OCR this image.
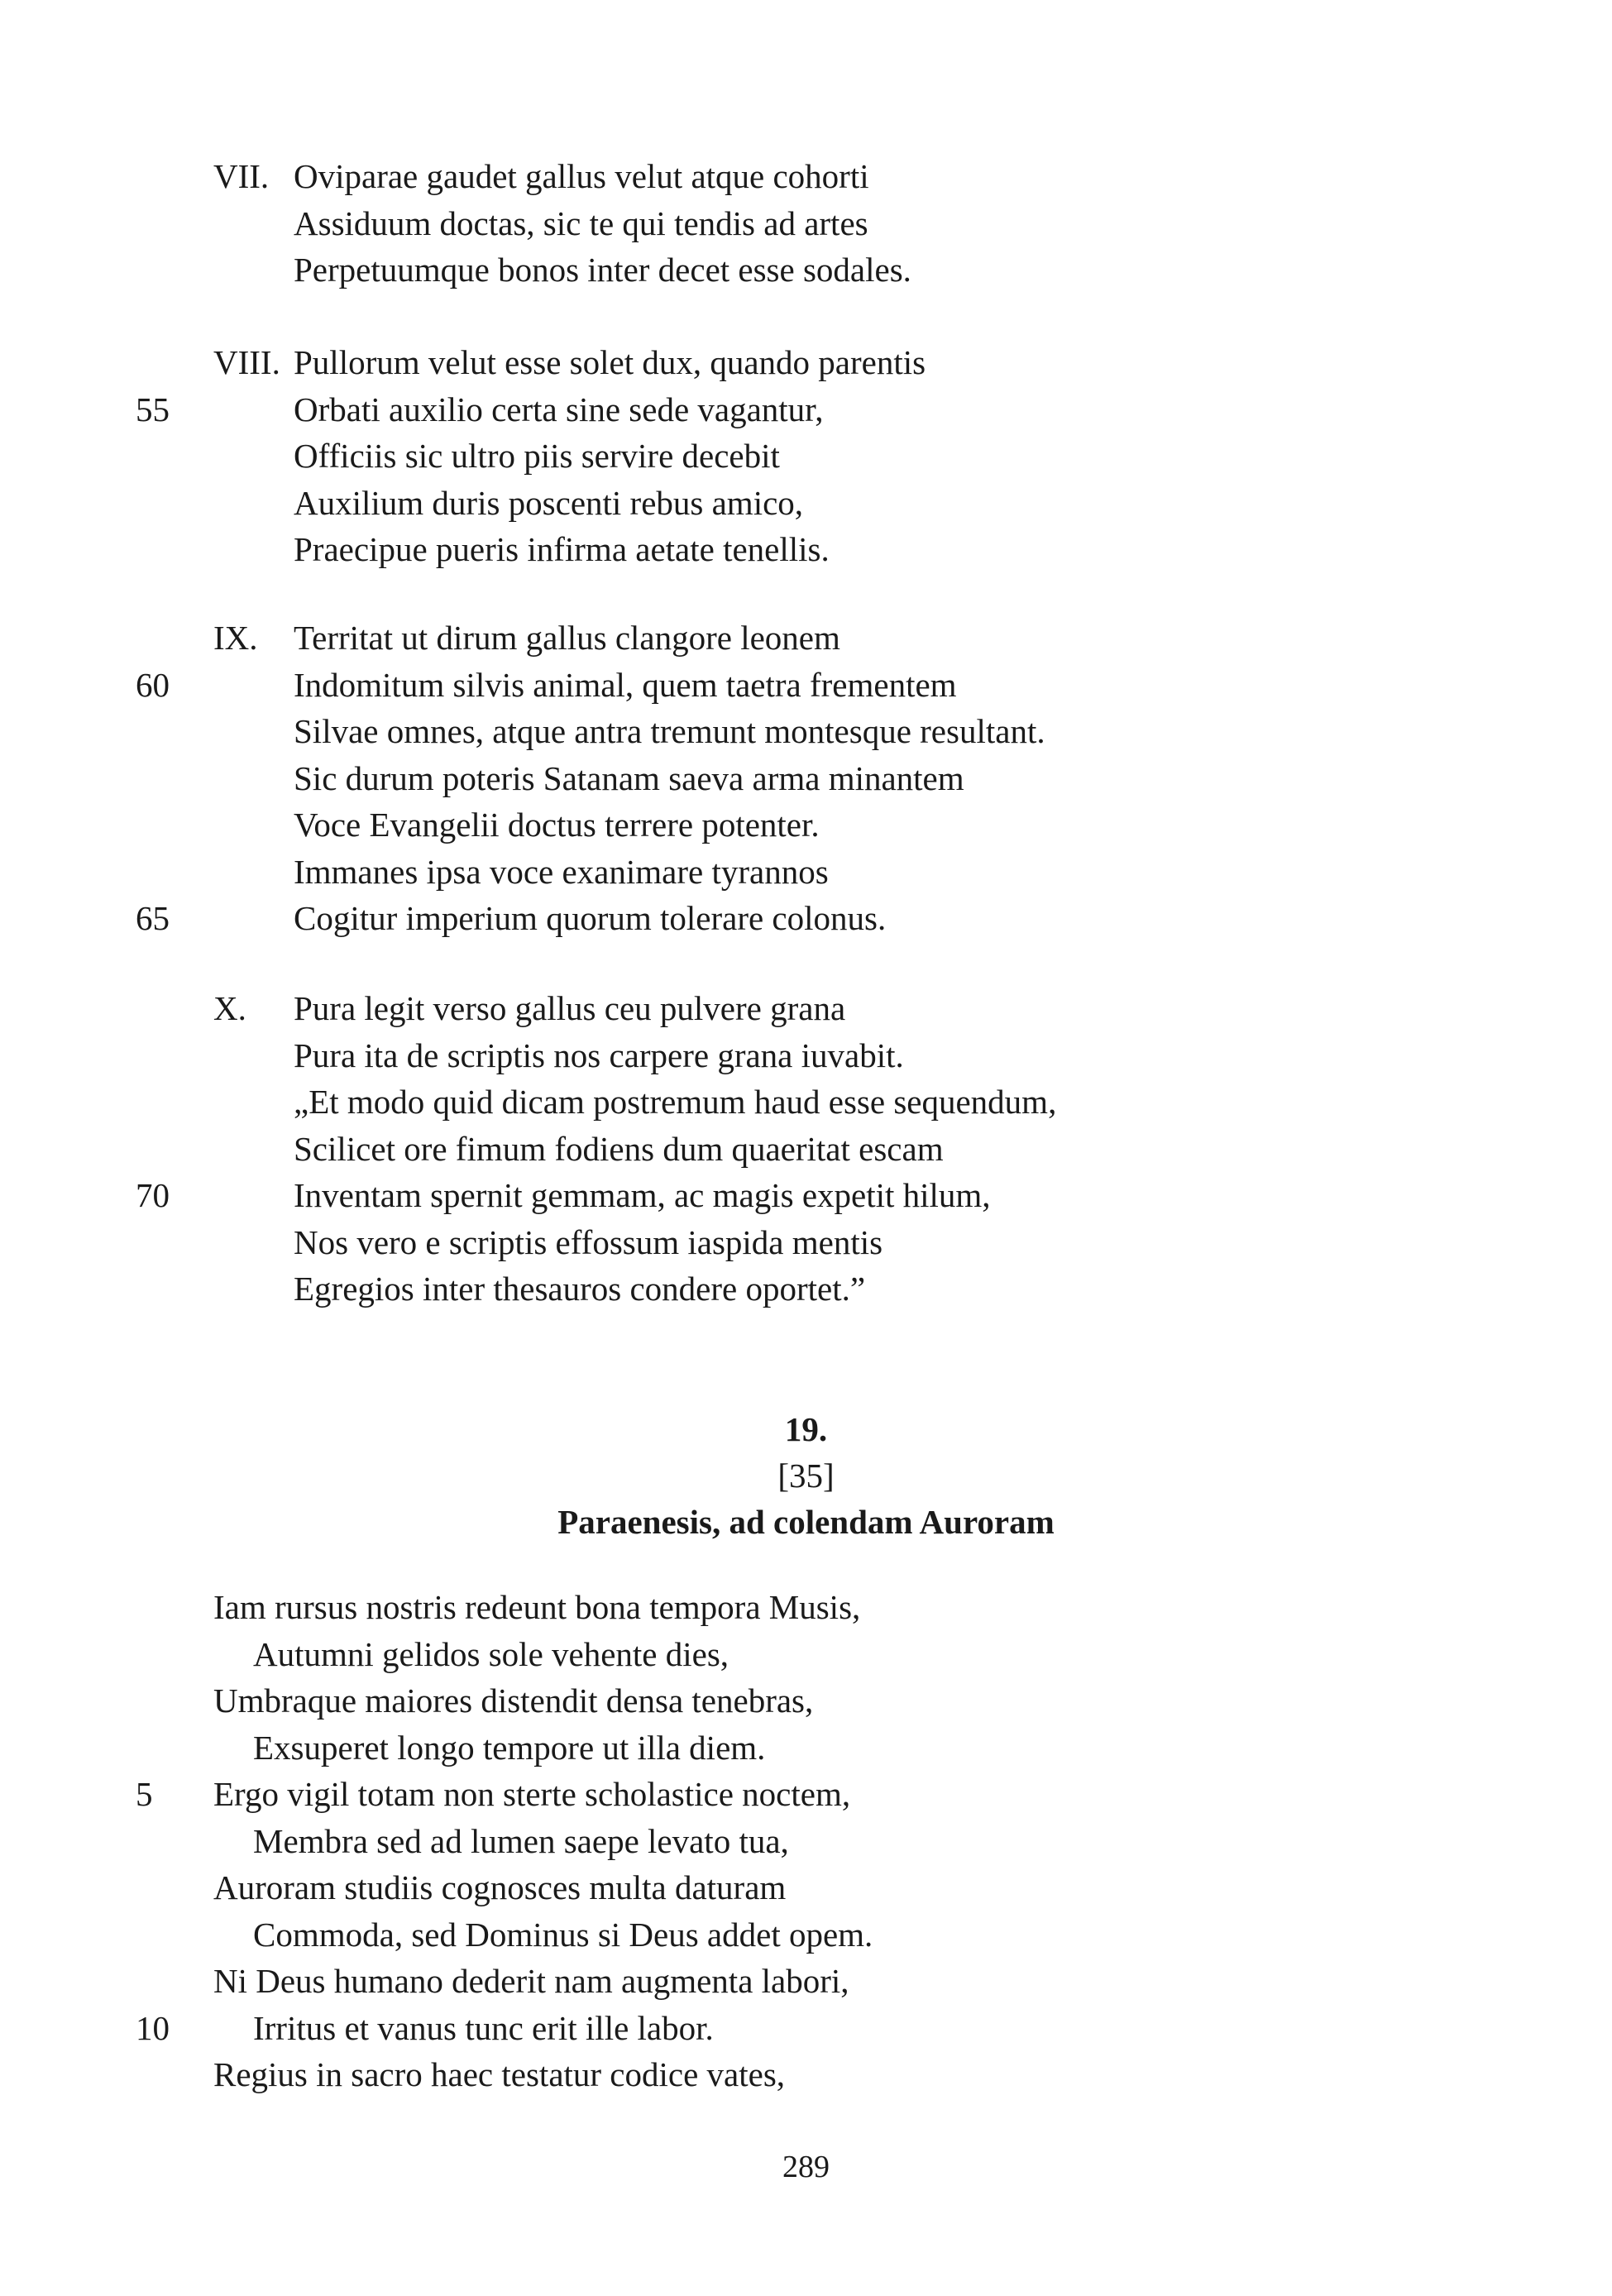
VII. Oviparae gaudet gallus velut atque cohorti
Assiduum doctas, sic te qui tendis ad artes
Perpetuumque bonos inter decet esse sodales.
VIII. Pullorum velut esse solet dux, quando parentis
Orbati auxilio certa sine sede vagantur,
55
Officiis sic ultro piis servire decebit
Auxilium duris poscenti rebus amico,
Praecipue pueris infirma aetate tenellis.
IX. Territat ut dirum gallus clangore leonem
Indomitum silvis animal, quem taetra frementem
60
Silvae omnes, atque antra tremunt montesque resultant.
Sic durum poteris Satanam saeva arma minantem
Voce Evangelii doctus terrere potenter.
Immanes ipsa voce exanimare tyrannos
Cogitur imperium quorum tolerare colonus.
65
X. Pura legit verso gallus ceu pulvere grana
Pura ita de scriptis nos carpere grana iuvabit.
„Et modo quid dicam postremum haud esse sequendum,
Scilicet ore fimum fodiens dum quaeritat escam
Inventam spernit gemmam, ac magis expetit hilum,
70
Nos vero e scriptis effossum iaspida mentis
Egregios inter thesauros condere oportet.”
19.
[35]
Paraenesis, ad colendam Auroram
Iam rursus nostris redeunt bona tempora Musis,
Autumni gelidos sole vehente dies,
Umbraque maiores distendit densa tenebras,
Exsuperet longo tempore ut illa diem.
Ergo vigil totam non sterte scholastice noctem,
5
Membra sed ad lumen saepe levato tua,
Auroram studiis cognosces multa daturam
Commoda, sed Dominus si Deus addet opem.
Ni Deus humano dederit nam augmenta labori,
Irritus et vanus tunc erit ille labor.
10
Regius in sacro haec testatur codice vates,
289
